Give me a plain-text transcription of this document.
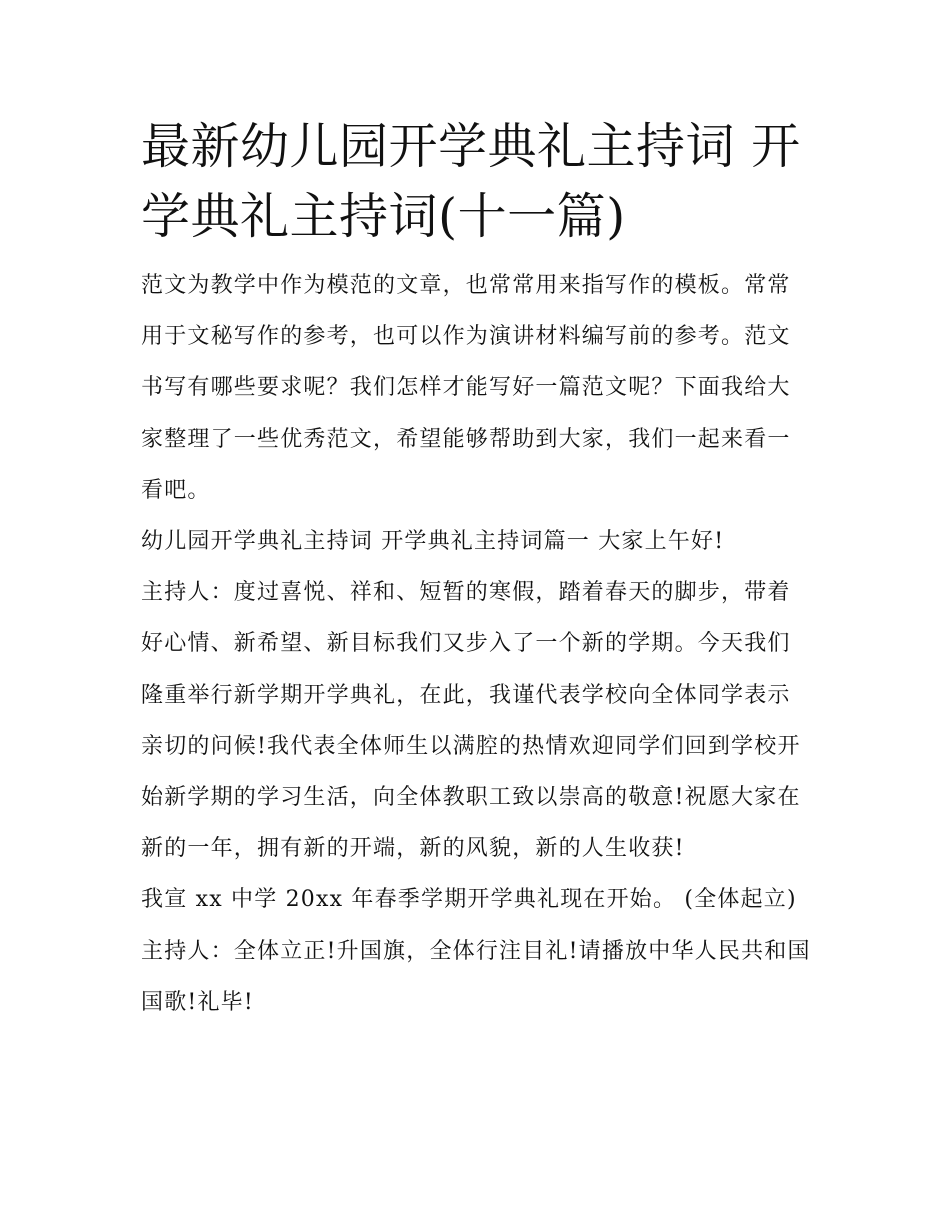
最新幼儿园开学典礼主持词 开学典礼主持词(十一篇)

范文为教学中作为模范的文章，也常常用来指写作的模板。常常用于文秘写作的参考，也可以作为演讲材料编写前的参考。范文书写有哪些要求呢？我们怎样才能写好一篇范文呢？下面我给大家整理了一些优秀范文，希望能够帮助到大家，我们一起来看一看吧。

幼儿园开学典礼主持词 开学典礼主持词篇一 大家上午好!

主持人：度过喜悦、祥和、短暂的寒假，踏着春天的脚步，带着好心情、新希望、新目标我们又步入了一个新的学期。今天我们隆重举行新学期开学典礼，在此，我谨代表学校向全体同学表示亲切的问候!我代表全体师生以满腔的热情欢迎同学们回到学校开始新学期的学习生活，向全体教职工致以崇高的敬意!祝愿大家在新的一年，拥有新的开端，新的风貌，新的人生收获!

我宣 xx 中学 20xx 年春季学期开学典礼现在开始。 (全体起立)

主持人：全体立正!升国旗，全体行注目礼!请播放中华人民共和国国歌!礼毕!
